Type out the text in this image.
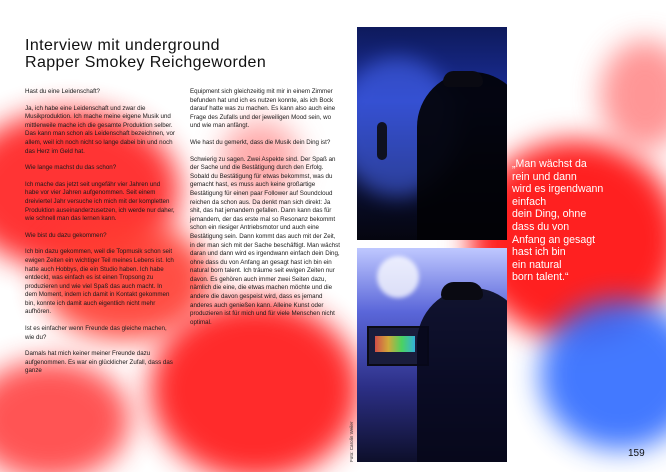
Interview mit underground
Rapper Smokey Reichgeworden

Hast du eine Leidenschaft?

Ja, ich habe eine Leidenschaft und zwar die Musikproduktion. Ich mache meine eigene Musik und mittlerweile mache ich die gesamte Produktion selber. Das kann man schon als Leidenschaft bezeichnen, vor allem, weil ich noch nicht so lange dabei bin und noch das Herz im Geld hat.

Wie lange machst du das schon?

Ich mache das jetzt seit ungefähr vier Jahren und habe vor vier Jahren aufgenommen. Seit einem dreiviertel Jahr versuche ich mich mit der kompletten Produktion auseinanderzusetzen, ich werde nur daher, wie schnell man das lernen kann.

Wie bist du dazu gekommen?

Ich bin dazu gekommen, weil die Topmusik schon seit ewigen Zeiten ein wichtiger Teil meines Lebens ist. Ich hatte auch Hobbys, die ein Studio haben. Ich habe entdeckt, was einfach es ist einen Tropsong zu produzieren und wie viel Spaß das auch macht. In dem Moment, indem ich damit in Kontakt gekommen bin, konnte ich damit auch eigentlich nicht mehr aufhören.

Ist es einfacher wenn Freunde das gleiche machen, wie du?

Damals hat mich keiner meiner Freunde dazu aufgenommen. Es war ein glücklicher Zufall, dass das ganze

Equipment sich gleichzeitig mit mir in einem Zimmer befunden hat und ich es nutzen konnte, als ich Bock darauf hatte was zu machen. Es kann also auch eine Frage des Zufalls und der jeweiligen Mood sein, wo und wie man anfängt.

Wie hast du gemerkt, dass die Musik dein Ding ist?

Schwierig zu sagen. Zwei Aspekte sind. Der Spaß an der Sache und die Bestätigung durch den Erfolg. Sobald du Bestätigung für etwas bekommst, was du gemacht hast, es muss auch keine großartige Bestätigung für einen paar Follower auf Soundcloud reichen da schon aus. Da denkt man sich direkt: Ja shit, das hat jemandem gefallen. Dann kann das für jemandem, der das erste mal so Resonanz bekommt schon ein riesiger Antriebsmotor und auch eine Bestätigung sein. Dann kommt das auch mit der Zeit, in der man sich mit der Sache beschäftigt. Man wächst daran und dann wird es irgendwann einfach dein Ding, ohne dass du von Anfang an gesagt hast ich bin ein natural born talent. Ich träume seit ewigen Zeiten nur davon. Es gehören auch immer zwei Seiten dazu, nämlich die eine, die etwas machen möchte und die andere die davon gespeist wird, dass es jemand anderes auch genießen kann. Alleine Kunst oder produzieren ist für mich und für viele Menschen nicht optimal.

Foto: Carolin Weiler
„Man wächst da
rein und dann
wird es irgendwann
einfach
dein Ding, ohne
dass du von
Anfang an gesagt
hast ich bin
ein natural
born talent.“
159
